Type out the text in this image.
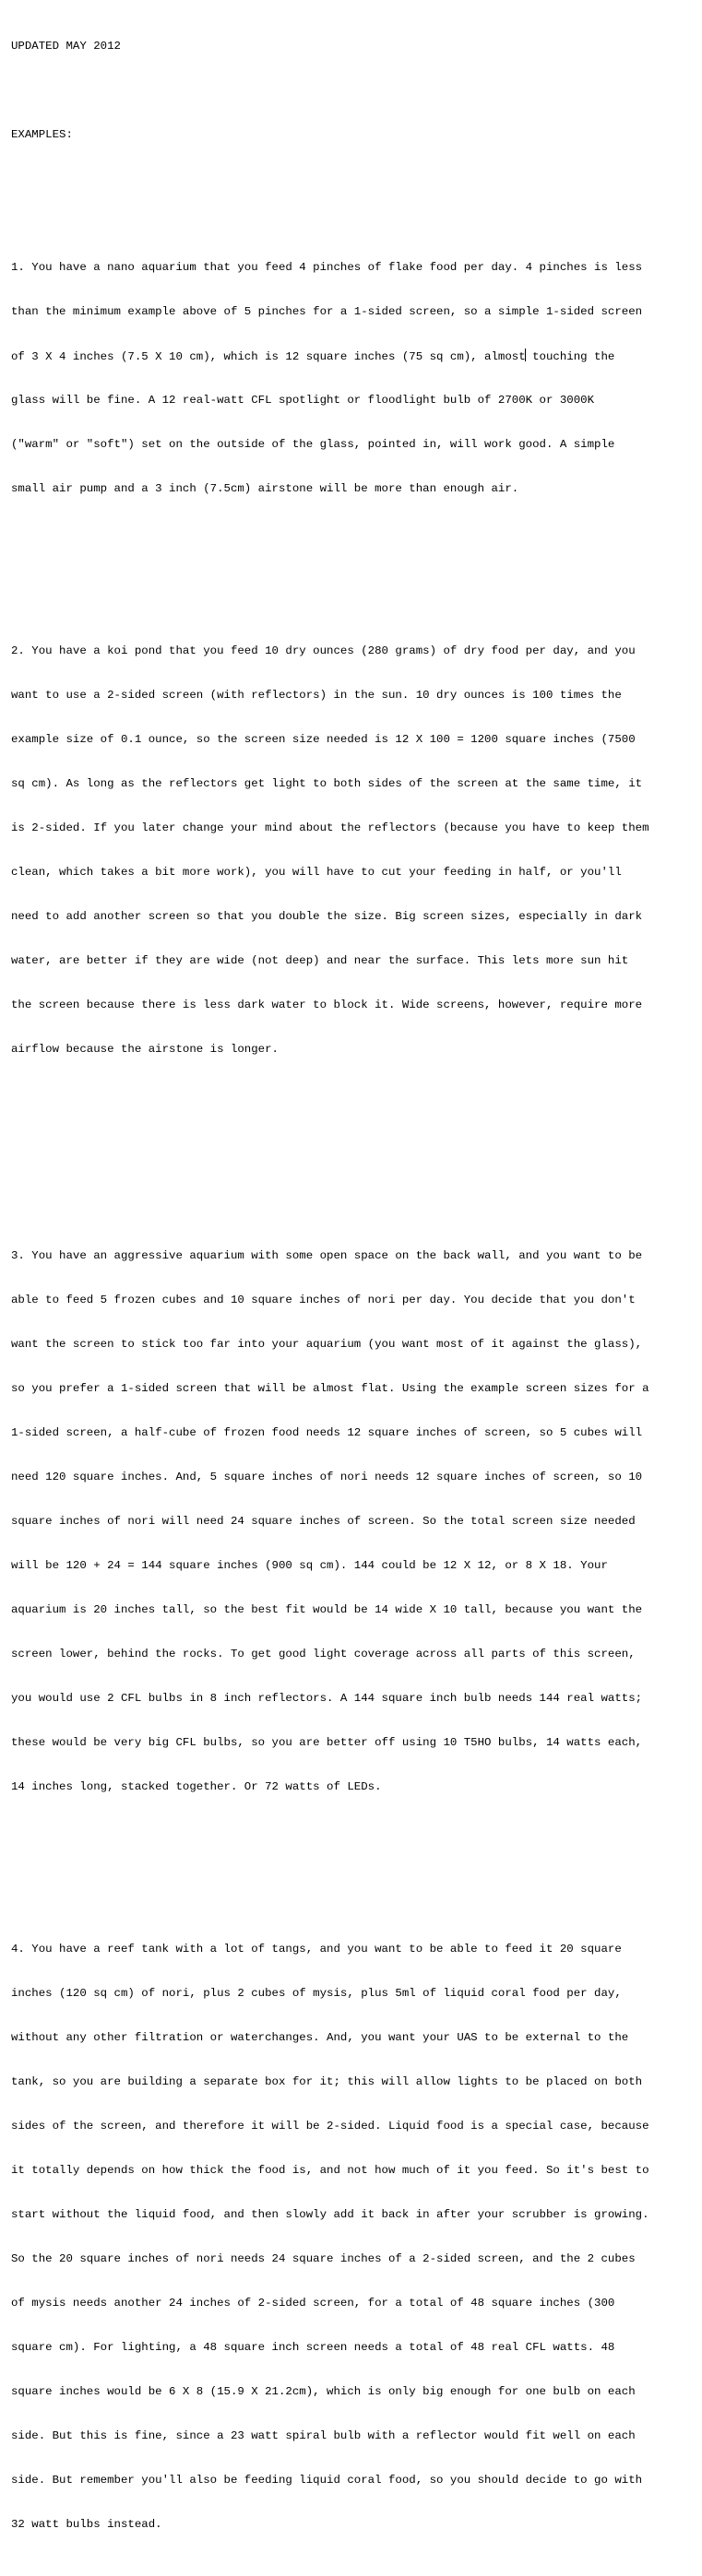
UPDATED MAY 2012

EXAMPLES:

1. You have a nano aquarium that you feed 4 pinches of flake food per day. 4 pinches is less

than the minimum example above of 5 pinches for a 1-sided screen, so a simple 1-sided screen

of 3 X 4 inches (7.5 X 10 cm), which is 12 square inches (75 sq cm), almost touching the

glass will be fine. A 12 real-watt CFL spotlight or floodlight bulb of 2700K or 3000K

("warm" or "soft") set on the outside of the glass, pointed in, will work good. A simple

small air pump and a 3 inch (7.5cm) airstone will be more than enough air.

2. You have a koi pond that you feed 10 dry ounces (280 grams) of dry food per day, and you

want to use a 2-sided screen (with reflectors) in the sun. 10 dry ounces is 100 times the

example size of 0.1 ounce, so the screen size needed is 12 X 100 = 1200 square inches (7500

sq cm). As long as the reflectors get light to both sides of the screen at the same time, it

is 2-sided. If you later change your mind about the reflectors (because you have to keep them

clean, which takes a bit more work), you will have to cut your feeding in half, or you'll

need to add another screen so that you double the size. Big screen sizes, especially in dark

water, are better if they are wide (not deep) and near the surface. This lets more sun hit

the screen because there is less dark water to block it. Wide screens, however, require more

airflow because the airstone is longer.

3. You have an aggressive aquarium with some open space on the back wall, and you want to be

able to feed 5 frozen cubes and 10 square inches of nori per day. You decide that you don't

want the screen to stick too far into your aquarium (you want most of it against the glass),

so you prefer a 1-sided screen that will be almost flat. Using the example screen sizes for a

1-sided screen, a half-cube of frozen food needs 12 square inches of screen, so 5 cubes will

need 120 square inches. And, 5 square inches of nori needs 12 square inches of screen, so 10

square inches of nori will need 24 square inches of screen. So the total screen size needed

will be 120 + 24 = 144 square inches (900 sq cm). 144 could be 12 X 12, or 8 X 18. Your

aquarium is 20 inches tall, so the best fit would be 14 wide X 10 tall, because you want the

screen lower, behind the rocks. To get good light coverage across all parts of this screen,

you would use 2 CFL bulbs in 8 inch reflectors. A 144 square inch bulb needs 144 real watts;

these would be very big CFL bulbs, so you are better off using 10 T5HO bulbs, 14 watts each,

14 inches long, stacked together. Or 72 watts of LEDs.

4. You have a reef tank with a lot of tangs, and you want to be able to feed it 20 square

inches (120 sq cm) of nori, plus 2 cubes of mysis, plus 5ml of liquid coral food per day,

without any other filtration or waterchanges. And, you want your UAS to be external to the

tank, so you are building a separate box for it; this will allow lights to be placed on both

sides of the screen, and therefore it will be 2-sided. Liquid food is a special case, because

it totally depends on how thick the food is, and not how much of it you feed. So it's best to

start without the liquid food, and then slowly add it back in after your scrubber is growing.

So the 20 square inches of nori needs 24 square inches of a 2-sided screen, and the 2 cubes

of mysis needs another 24 inches of 2-sided screen, for a total of 48 square inches (300

square cm). For lighting, a 48 square inch screen needs a total of 48 real CFL watts. 48

square inches would be 6 X 8 (15.9 X 21.2cm), which is only big enough for one bulb on each

side. But this is fine, since a 23 watt spiral bulb with a reflector would fit well on each

side. But remember you'll also be feeding liquid coral food, so you should decide to go with

32 watt bulbs instead.
